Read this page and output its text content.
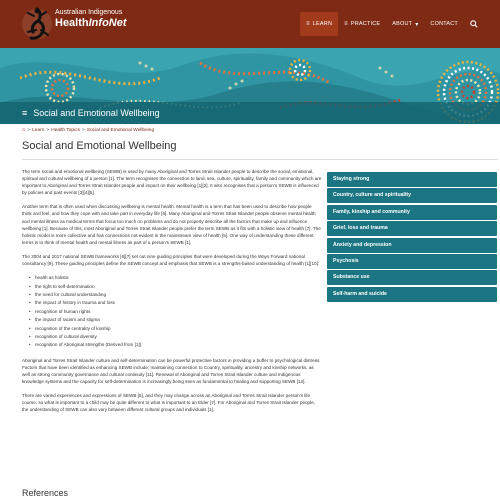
Australian Indigenous
HealthInfoNet	≡ LEARN ≡ PRACTICE ABOUT ▾ CONTACT
≡ Social and Emotional Wellbeing
⌂ > Learn > Health Topics > Social and Emotional Wellbeing
Social and Emotional Wellbeing

The term social and emotional wellbeing (SEWB) is used by many Aboriginal and Torres Strait Islander people to describe the social, emotional, spiritual and cultural wellbeing of a person [1]. The term recognises the connection to land, sea, culture, spirituality, family and community which are important to Aboriginal and Torres Strait Islander people and impact on their wellbeing [1][2]. It also recognises that a person's SEWB is influenced by policies and past events [3][4][5].

Another term that is often used when discussing wellbeing is mental health. Mental health is a term that has been used to describe how people think and feel, and how they cope with and take part in everyday life [6]. Many Aboriginal and Torres Strait Islander people observe mental health and mental illness as medical terms that focus too much on problems and do not properly describe all the factors that make up and influence wellbeing [1]. Because of this, most Aboriginal and Torres Strait Islander people prefer the term SEWB as it fits with a holistic view of health [7]. The holistic model is more collective and has connections not evident in the mainstream view of health [5]. One way of understanding these different terms is to think of mental health and mental illness as part of a person's SEWB [1].

The 2004 and 2017 national SEWB frameworks [8][7] set out nine guiding principles that were developed during the Ways Forward national consultancy [9]. These guiding principles define the SEWB concept and emphasis that SEWB is a strengths-based understanding of health [1][10]:

• health as holistic
• the right to self-determination
• the need for cultural understanding
• the impact of history in trauma and loss
• recognition of human rights
• the impact of racism and stigma
• recognition of the centrality of kinship
• recognition of cultural diversity
• recognition of Aboriginal strengths (Derived from [1]).

Aboriginal and Torres Strait Islander culture and self-determination can be powerful protective factors in providing a buffer to psychological distress. Factors that have been identified as enhancing SEWB include: maintaining connection to Country, spirituality, ancestry and kinship networks, as well as strong community governance and cultural continuity [11]. Renewal of Aboriginal and Torres Strait Islander culture and Indigenous knowledge systems and the capacity for self-determination is increasingly being seen as fundamental to healing and supporting SEWB [12].

There are varied experiences and expressions of SEWB [5], and they may change across an Aboriginal and Torres Strait Islander person's life course, so what is important to a child may be quite different to what is important to an Elder [7]. For Aboriginal and Torres Strait Islander people, the understanding of SEWB can also vary between different cultural groups and individuals [1].

References
Staying strong
Country, culture and spirituality
Family, kinship and community
Grief, loss and trauma
Anxiety and depression
Psychosis
Substance use
Self-harm and suicide
